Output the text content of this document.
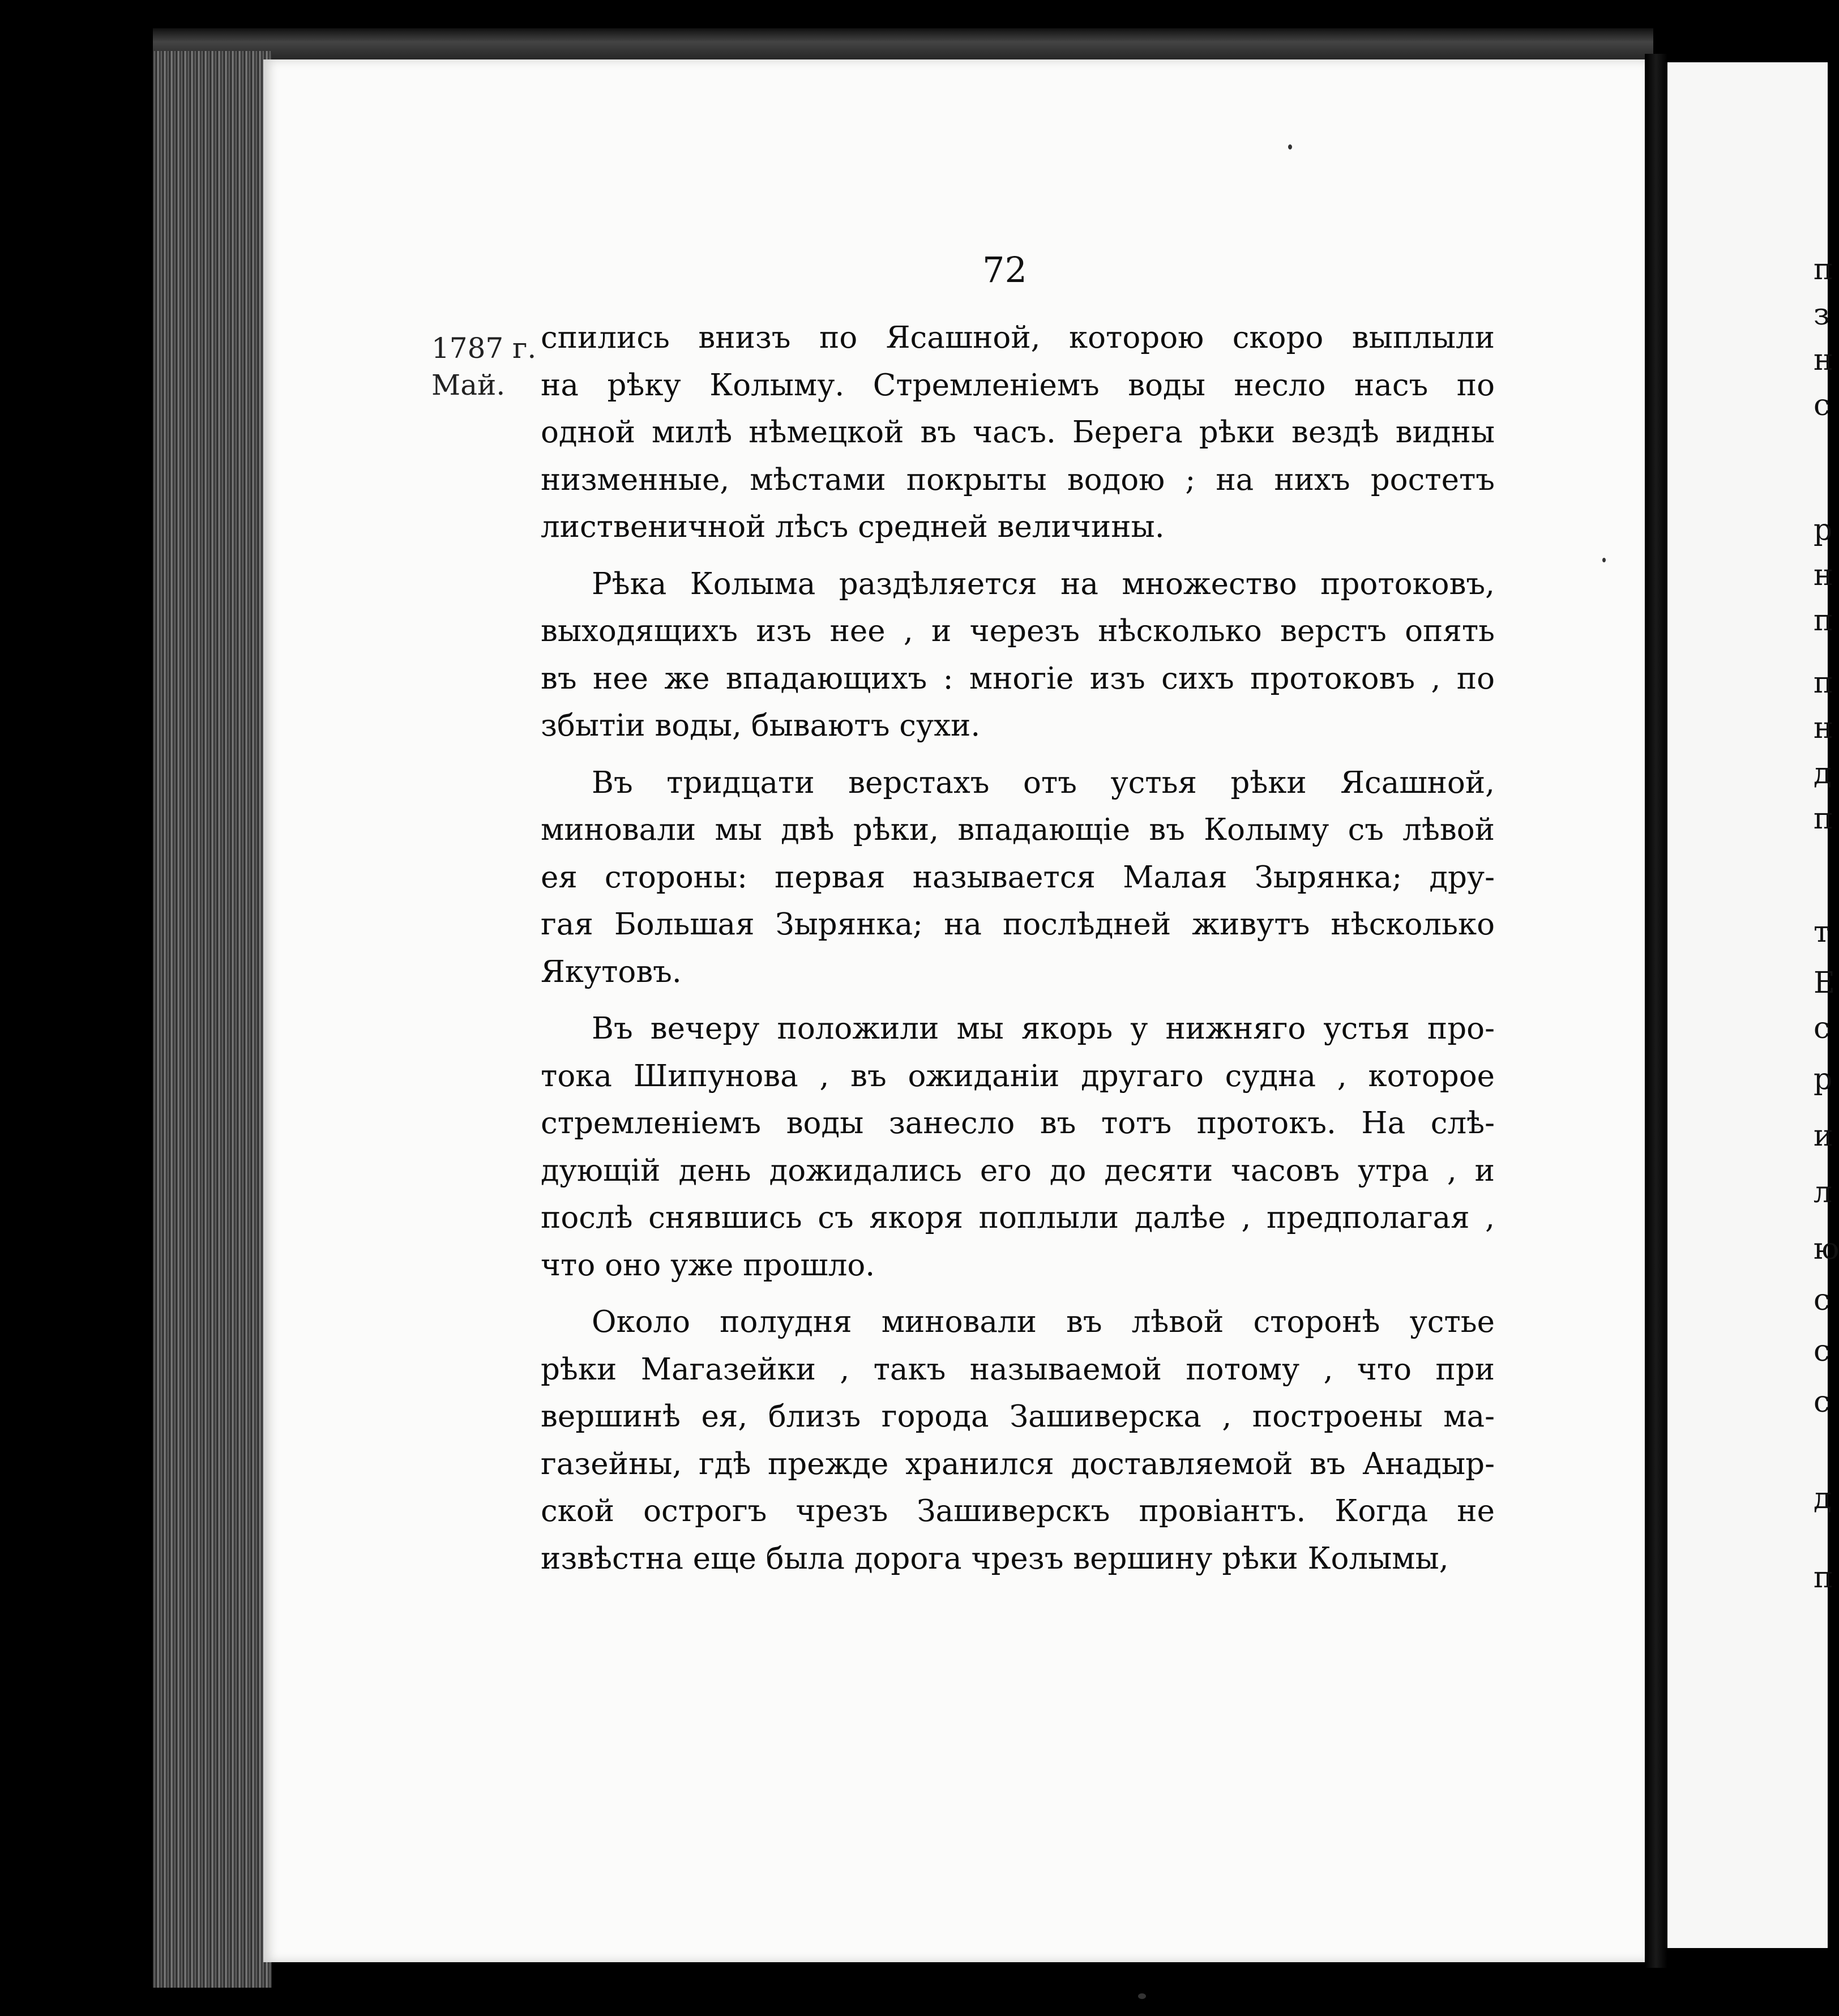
п
з
н
с
р
н
п
п
н
д
п
т
Е
с
р
и
л
ю
с
с
с
д
п
72
1787 г.
Май.

спились внизъ по Ясашной, которою скоро выплыли
на рѣку Колыму. Стремленіемъ воды несло насъ по
одной милѣ нѣмецкой въ часъ. Берега рѣки вездѣ видны
низменные, мѣстами покрыты водою ; на нихъ ростетъ
лиственичной лѣсъ средней величины.

Рѣка Колыма раздѣляется на множество протоковъ,
выходящихъ изъ нее , и черезъ нѣсколько верстъ опять
въ нее же впадающихъ : многіе изъ сихъ протоковъ , по
збытіи воды, бываютъ сухи.

Въ тридцати верстахъ отъ устья рѣки Ясашной,
миновали мы двѣ рѣки, впадающіе въ Колыму съ лѣвой
ея стороны: первая называется Малая Зырянка; дру-
гая Большая Зырянка; на послѣдней живутъ нѣсколько
Якутовъ.

Въ вечеру положили мы якорь у нижняго устья про-
тока Шипунова , въ ожиданіи другаго судна , которое
стремленіемъ воды занесло въ тотъ протокъ. На слѣ-
дующій день дожидались его до десяти часовъ утра , и
послѣ снявшись съ якоря поплыли далѣе , предполагая ,
что оно уже прошло.

Около полудня миновали въ лѣвой сторонѣ устье
рѣки Магазейки , такъ называемой потому , что при
вершинѣ ея, близъ города Зашиверска , построены ма-
газейны, гдѣ прежде хранился доставляемой въ Анадыр-
ской острогъ чрезъ Зашиверскъ провіантъ. Когда не
извѣстна еще была дорога чрезъ вершину рѣки Колымы,
